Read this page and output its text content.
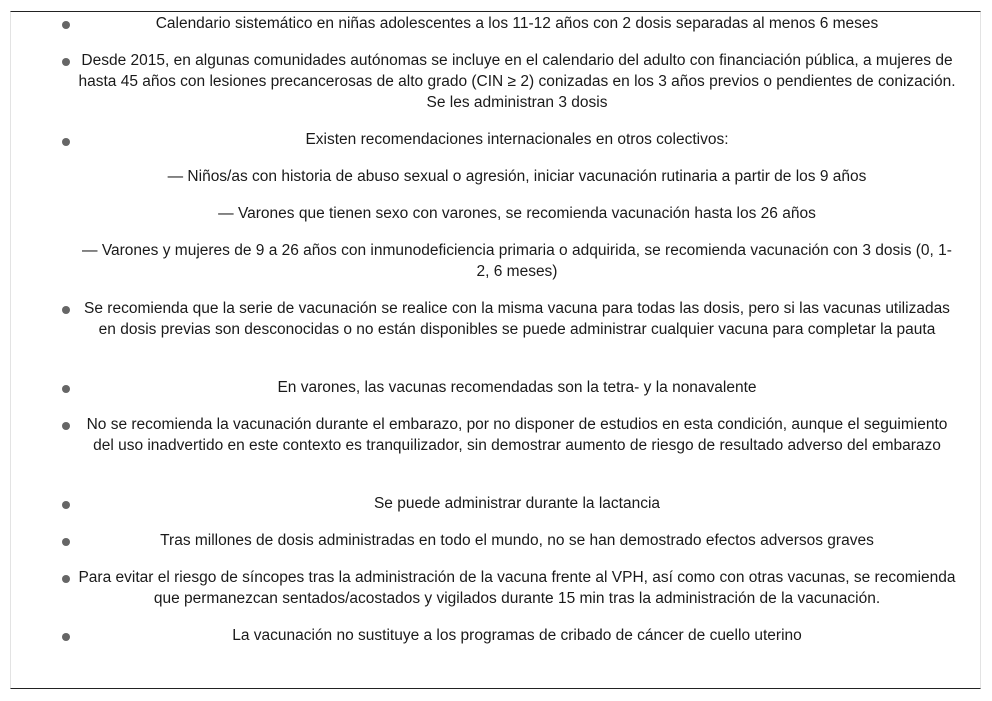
Calendario sistemático en niñas adolescentes a los 11-12 años con 2 dosis separadas al menos 6 meses
Desde 2015, en algunas comunidades autónomas se incluye en el calendario del adulto con financiación pública, a mujeres de hasta 45 años con lesiones precancerosas de alto grado (CIN ≥ 2) conizadas en los 3 años previos o pendientes de conización. Se les administran 3 dosis
Existen recomendaciones internacionales en otros colectivos:
— Niños/as con historia de abuso sexual o agresión, iniciar vacunación rutinaria a partir de los 9 años
— Varones que tienen sexo con varones, se recomienda vacunación hasta los 26 años
— Varones y mujeres de 9 a 26 años con inmunodeficiencia primaria o adquirida, se recomienda vacunación con 3 dosis (0, 1-2, 6 meses)
Se recomienda que la serie de vacunación se realice con la misma vacuna para todas las dosis, pero si las vacunas utilizadas en dosis previas son desconocidas o no están disponibles se puede administrar cualquier vacuna para completar la pauta
En varones, las vacunas recomendadas son la tetra- y la nonavalente
No se recomienda la vacunación durante el embarazo, por no disponer de estudios en esta condición, aunque el seguimiento del uso inadvertido en este contexto es tranquilizador, sin demostrar aumento de riesgo de resultado adverso del embarazo
Se puede administrar durante la lactancia
Tras millones de dosis administradas en todo el mundo, no se han demostrado efectos adversos graves
Para evitar el riesgo de síncopes tras la administración de la vacuna frente al VPH, así como con otras vacunas, se recomienda que permanezcan sentados/acostados y vigilados durante 15 min tras la administración de la vacunación.
La vacunación no sustituye a los programas de cribado de cáncer de cuello uterino
